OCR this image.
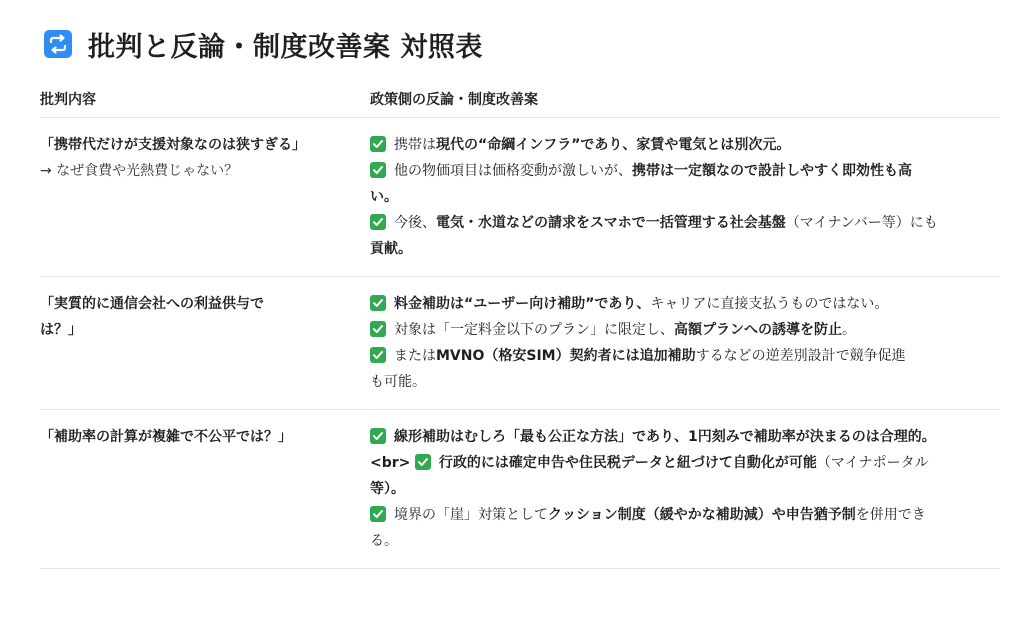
批判と反論・制度改善案 対照表
批判内容	政策側の反論・制度改善案
「携帯代だけが支援対象なのは狭すぎる」
→ なぜ食費や光熱費じゃない？
携帯は現代の“命綱インフラ”であり、家賃や電気とは別次元。
他の物価項目は価格変動が激しいが、携帯は一定額なので設計しやすく即効性も高
い。
今後、電気・水道などの請求をスマホで一括管理する社会基盤（マイナンバー等）にも
貢献。
「実質的に通信会社への利益供与で
は？」
料金補助は“ユーザー向け補助”であり、キャリアに直接支払うものではない。
対象は「一定料金以下のプラン」に限定し、高額プランへの誘導を防止。
またはMVNO（格安SIM）契約者には追加補助するなどの逆差別設計で競争促進
も可能。
「補助率の計算が複雑で不公平では？」	線形補助はむしろ「最も公正な方法」であり、1円刻みで補助率が決まるのは合理的。
<br> 行政的には確定申告や住民税データと紐づけて自動化が可能（マイナポータル
等）。
境界の「崖」対策としてクッション制度（緩やかな補助減）や申告猶予制を併用でき
る。
